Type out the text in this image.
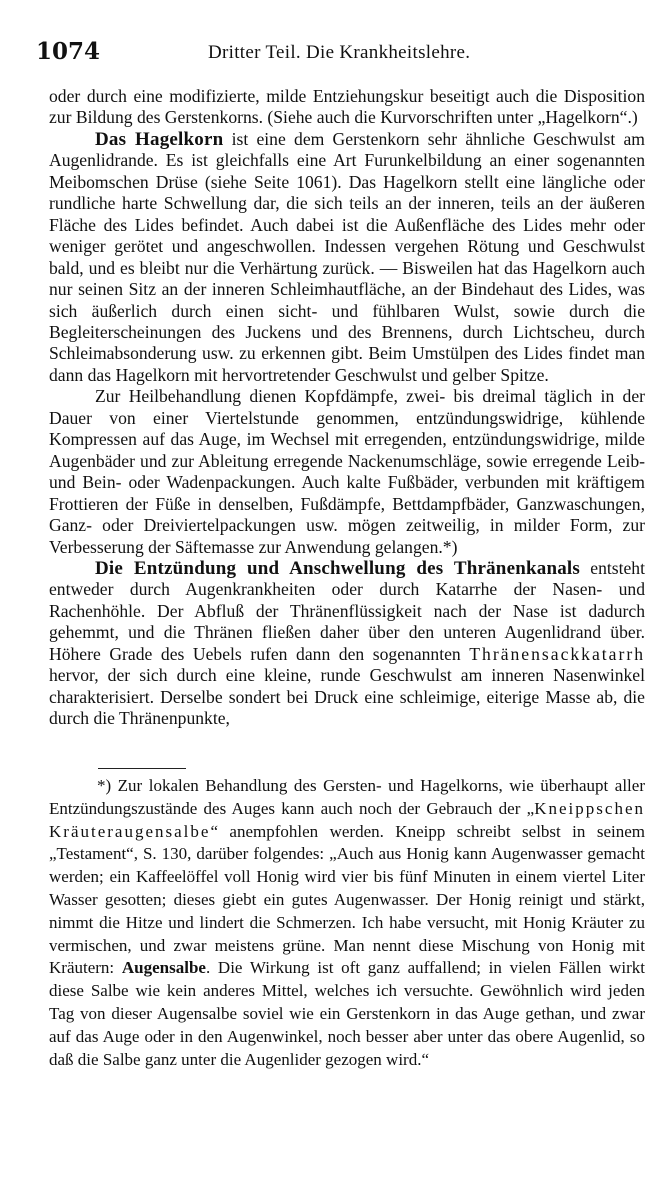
1074	Dritter Teil. Die Krankheitslehre.

oder durch eine modifizierte, milde Entziehungskur beseitigt auch die Disposition zur Bildung des Gerstenkorns. (Siehe auch die Kurvorschriften unter „Hagelkorn“.)

Das Hagelkorn ist eine dem Gerstenkorn sehr ähnliche Geschwulst am Augenlidrande. Es ist gleichfalls eine Art Furunkelbildung an einer sogenannten Meibomschen Drüse (siehe Seite 1061). Das Hagelkorn stellt eine längliche oder rundliche harte Schwellung dar, die sich teils an der inneren, teils an der äußeren Fläche des Lides befindet. Auch dabei ist die Außenfläche des Lides mehr oder weniger gerötet und angeschwollen. Indessen vergehen Rötung und Geschwulst bald, und es bleibt nur die Verhärtung zurück. — Bisweilen hat das Hagelkorn auch nur seinen Sitz an der inneren Schleimhautfläche, an der Bindehaut des Lides, was sich äußerlich durch einen sicht- und fühlbaren Wulst, sowie durch die Begleiterscheinungen des Juckens und des Brennens, durch Lichtscheu, durch Schleimabsonderung usw. zu erkennen gibt. Beim Umstülpen des Lides findet man dann das Hagelkorn mit hervortretender Geschwulst und gelber Spitze.

Zur Heilbehandlung dienen Kopfdämpfe, zwei- bis dreimal täglich in der Dauer von einer Viertelstunde genommen, entzündungswidrige, kühlende Kompressen auf das Auge, im Wechsel mit erregenden, entzündungswidrige, milde Augenbäder und zur Ableitung erregende Nackenumschläge, sowie erregende Leib- und Bein- oder Wadenpackungen. Auch kalte Fußbäder, verbunden mit kräftigem Frottieren der Füße in denselben, Fußdämpfe, Bettdampfbäder, Ganzwaschungen, Ganz- oder Dreiviertelpackungen usw. mögen zeitweilig, in milder Form, zur Verbesserung der Säftemasse zur Anwendung gelangen.*)

Die Entzündung und Anschwellung des Thränenkanals entsteht entweder durch Augenkrankheiten oder durch Katarrhe der Nasen- und Rachenhöhle. Der Abfluß der Thränenflüssigkeit nach der Nase ist dadurch gehemmt, und die Thränen fließen daher über den unteren Augenlidrand über. Höhere Grade des Uebels rufen dann den sogenannten Thränensackkatarrh hervor, der sich durch eine kleine, runde Geschwulst am inneren Nasenwinkel charakterisiert. Derselbe sondert bei Druck eine schleimige, eiterige Masse ab, die durch die Thränenpunkte,

*) Zur lokalen Behandlung des Gersten- und Hagelkorns, wie überhaupt aller Entzündungszustände des Auges kann auch noch der Gebrauch der „Kneippschen Kräuteraugensalbe“ anempfohlen werden. Kneipp schreibt selbst in seinem „Testament“, S. 130, darüber folgendes: „Auch aus Honig kann Augenwasser gemacht werden; ein Kaffeelöffel voll Honig wird vier bis fünf Minuten in einem viertel Liter Wasser gesotten; dieses giebt ein gutes Augenwasser. Der Honig reinigt und stärkt, nimmt die Hitze und lindert die Schmerzen. Ich habe versucht, mit Honig Kräuter zu vermischen, und zwar meistens grüne. Man nennt diese Mischung von Honig mit Kräutern: Augensalbe. Die Wirkung ist oft ganz auffallend; in vielen Fällen wirkt diese Salbe wie kein anderes Mittel, welches ich versuchte. Gewöhnlich wird jeden Tag von dieser Augensalbe soviel wie ein Gerstenkorn in das Auge gethan, und zwar auf das Auge oder in den Augenwinkel, noch besser aber unter das obere Augenlid, so daß die Salbe ganz unter die Augenlider gezogen wird.“
